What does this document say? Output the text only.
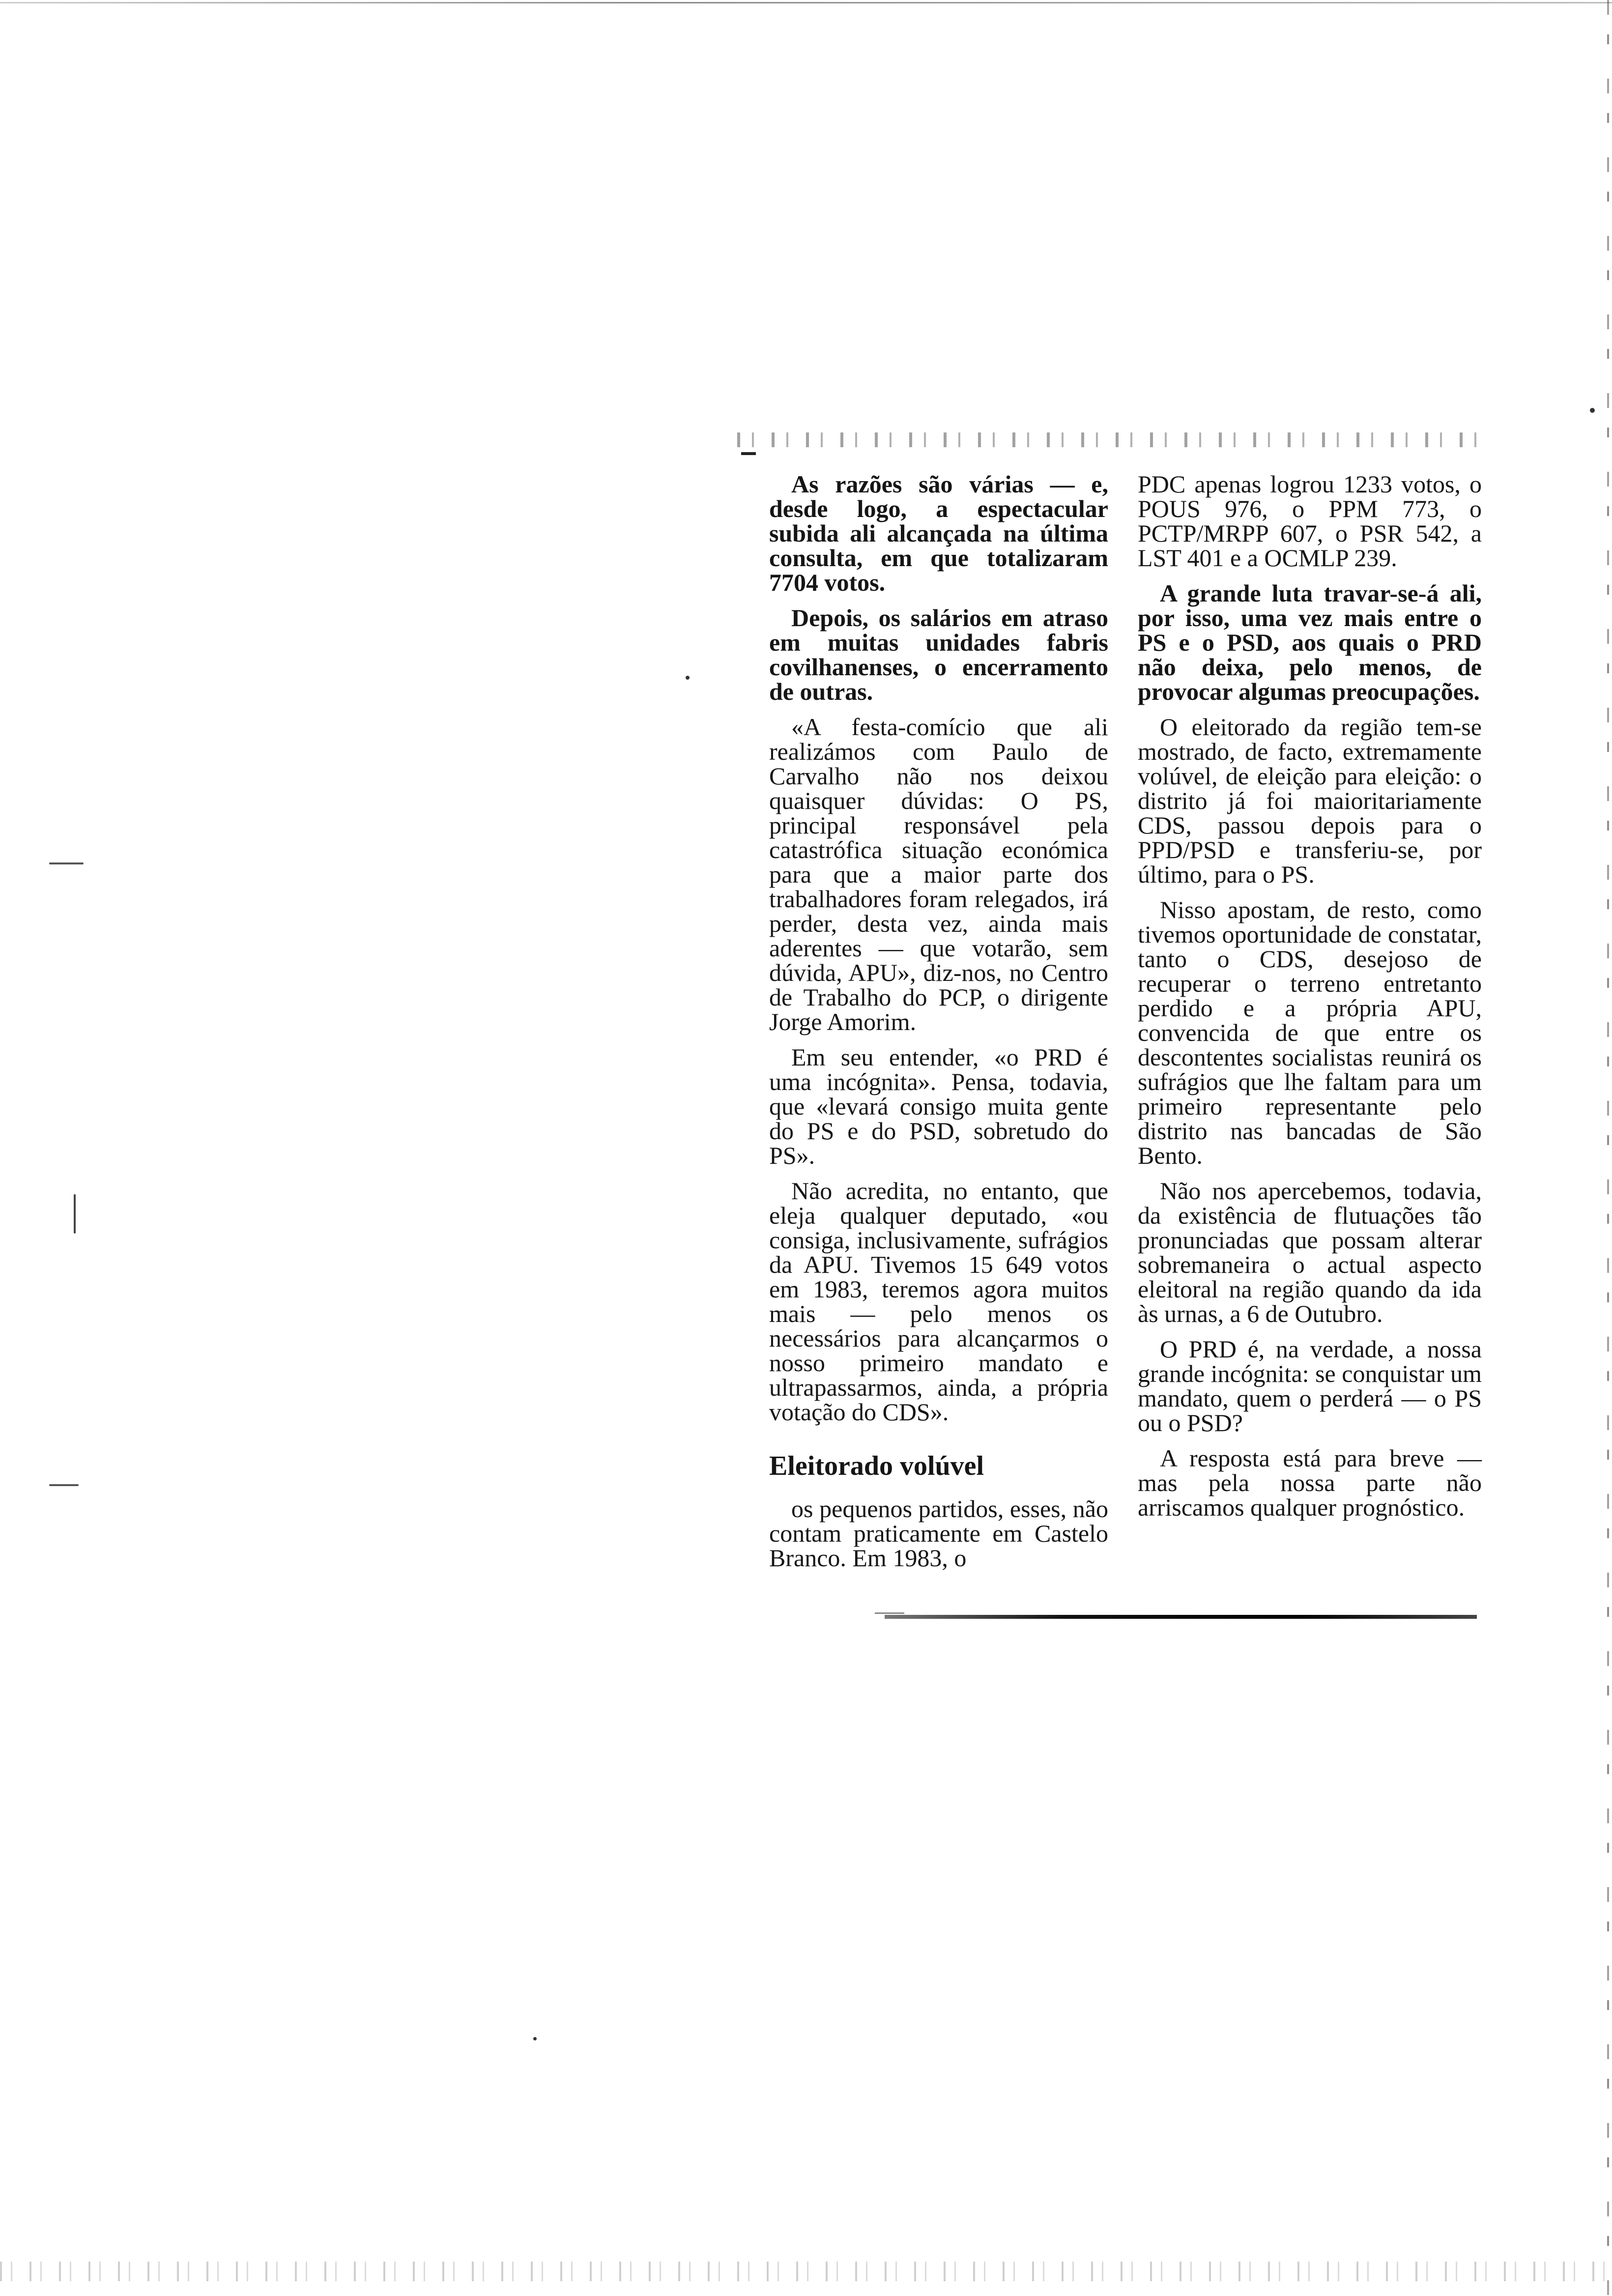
As razões são várias — e, desde logo, a espectacular subida ali alcançada na última consulta, em que totalizaram 7704 votos.

Depois, os salários em atraso em muitas unidades fabris covilhanenses, o encerramento de outras.

«A festa-comício que ali realizámos com Paulo de Carvalho não nos deixou quaisquer dúvidas: O PS, principal responsável pela catastrófica situação económica para que a maior parte dos trabalhadores foram relegados, irá perder, desta vez, ainda mais aderentes — que votarão, sem dúvida, APU», diz-nos, no Centro de Trabalho do PCP, o dirigente Jorge Amorim.

Em seu entender, «o PRD é uma incógnita». Pensa, todavia, que «levará consigo muita gente do PS e do PSD, sobretudo do PS».

Não acredita, no entanto, que eleja qualquer deputado, «ou consiga, inclusivamente, sufrágios da APU. Tivemos 15 649 votos em 1983, teremos agora muitos mais — pelo menos os necessários para alcançarmos o nosso primeiro mandato e ultrapassarmos, ainda, a própria votação do CDS».

Eleitorado volúvel

os pequenos partidos, esses, não contam praticamente em Castelo Branco. Em 1983, o

PDC apenas logrou 1233 votos, o POUS 976, o PPM 773, o PCTP/MRPP 607, o PSR 542, a LST 401 e a OCMLP 239.

A grande luta travar-se-á ali, por isso, uma vez mais entre o PS e o PSD, aos quais o PRD não deixa, pelo menos, de provocar algumas preocupações.

O eleitorado da região tem-se mostrado, de facto, extremamente volúvel, de eleição para eleição: o distrito já foi maioritariamente CDS, passou depois para o PPD/PSD e transferiu-se, por último, para o PS.

Nisso apostam, de resto, como tivemos oportunidade de constatar, tanto o CDS, desejoso de recuperar o terreno entretanto perdido e a própria APU, convencida de que entre os descontentes socialistas reunirá os sufrágios que lhe faltam para um primeiro representante pelo distrito nas bancadas de São Bento.

Não nos apercebemos, todavia, da existência de flutuações tão pronunciadas que possam alterar sobremaneira o actual aspecto eleitoral na região quando da ida às urnas, a 6 de Outubro.

O PRD é, na verdade, a nossa grande incógnita: se conquistar um mandato, quem o perderá — o PS ou o PSD?

A resposta está para breve — mas pela nossa parte não arriscamos qualquer prognóstico.
